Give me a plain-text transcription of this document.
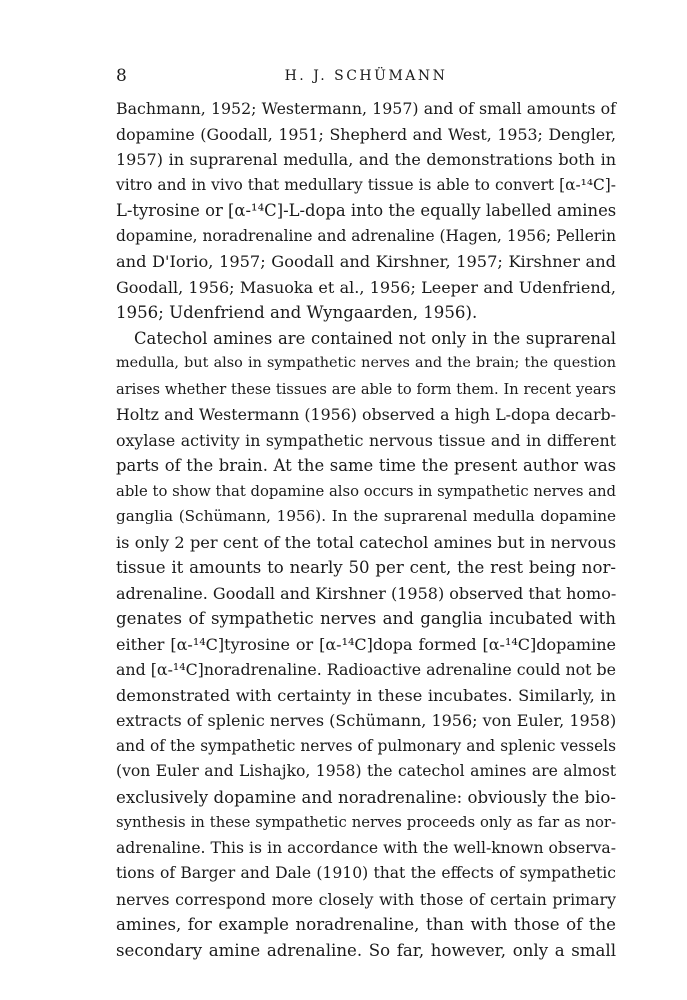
8	H. J. SCHÜMANN
Bachmann, 1952; Westermann, 1957) and of small amounts of
dopamine (Goodall, 1951; Shepherd and West, 1953; Dengler,
1957) in suprarenal medulla, and the demonstrations both in
vitro and in vivo that medullary tissue is able to convert [α-¹⁴C]-
L-tyrosine or [α-¹⁴C]-L-dopa into the equally labelled amines
dopamine, noradrenaline and adrenaline (Hagen, 1956; Pellerin
and D'Iorio, 1957; Goodall and Kirshner, 1957; Kirshner and
Goodall, 1956; Masuoka et al., 1956; Leeper and Udenfriend,
1956; Udenfriend and Wyngaarden, 1956).
Catechol amines are contained not only in the suprarenal
medulla, but also in sympathetic nerves and the brain; the question
arises whether these tissues are able to form them. In recent years
Holtz and Westermann (1956) observed a high L-dopa decarb-
oxylase activity in sympathetic nervous tissue and in different
parts of the brain. At the same time the present author was
able to show that dopamine also occurs in sympathetic nerves and
ganglia (Schümann, 1956). In the suprarenal medulla dopamine
is only 2 per cent of the total catechol amines but in nervous
tissue it amounts to nearly 50 per cent, the rest being nor-
adrenaline. Goodall and Kirshner (1958) observed that homo-
genates of sympathetic nerves and ganglia incubated with
either [α-¹⁴C]tyrosine or [α-¹⁴C]dopa formed [α-¹⁴C]dopamine
and [α-¹⁴C]noradrenaline. Radioactive adrenaline could not be
demonstrated with certainty in these incubates. Similarly, in
extracts of splenic nerves (Schümann, 1956; von Euler, 1958)
and of the sympathetic nerves of pulmonary and splenic vessels
(von Euler and Lishajko, 1958) the catechol amines are almost
exclusively dopamine and noradrenaline: obviously the bio-
synthesis in these sympathetic nerves proceeds only as far as nor-
adrenaline. This is in accordance with the well-known observa-
tions of Barger and Dale (1910) that the effects of sympathetic
nerves correspond more closely with those of certain primary
amines, for example noradrenaline, than with those of the
secondary amine adrenaline. So far, however, only a small
